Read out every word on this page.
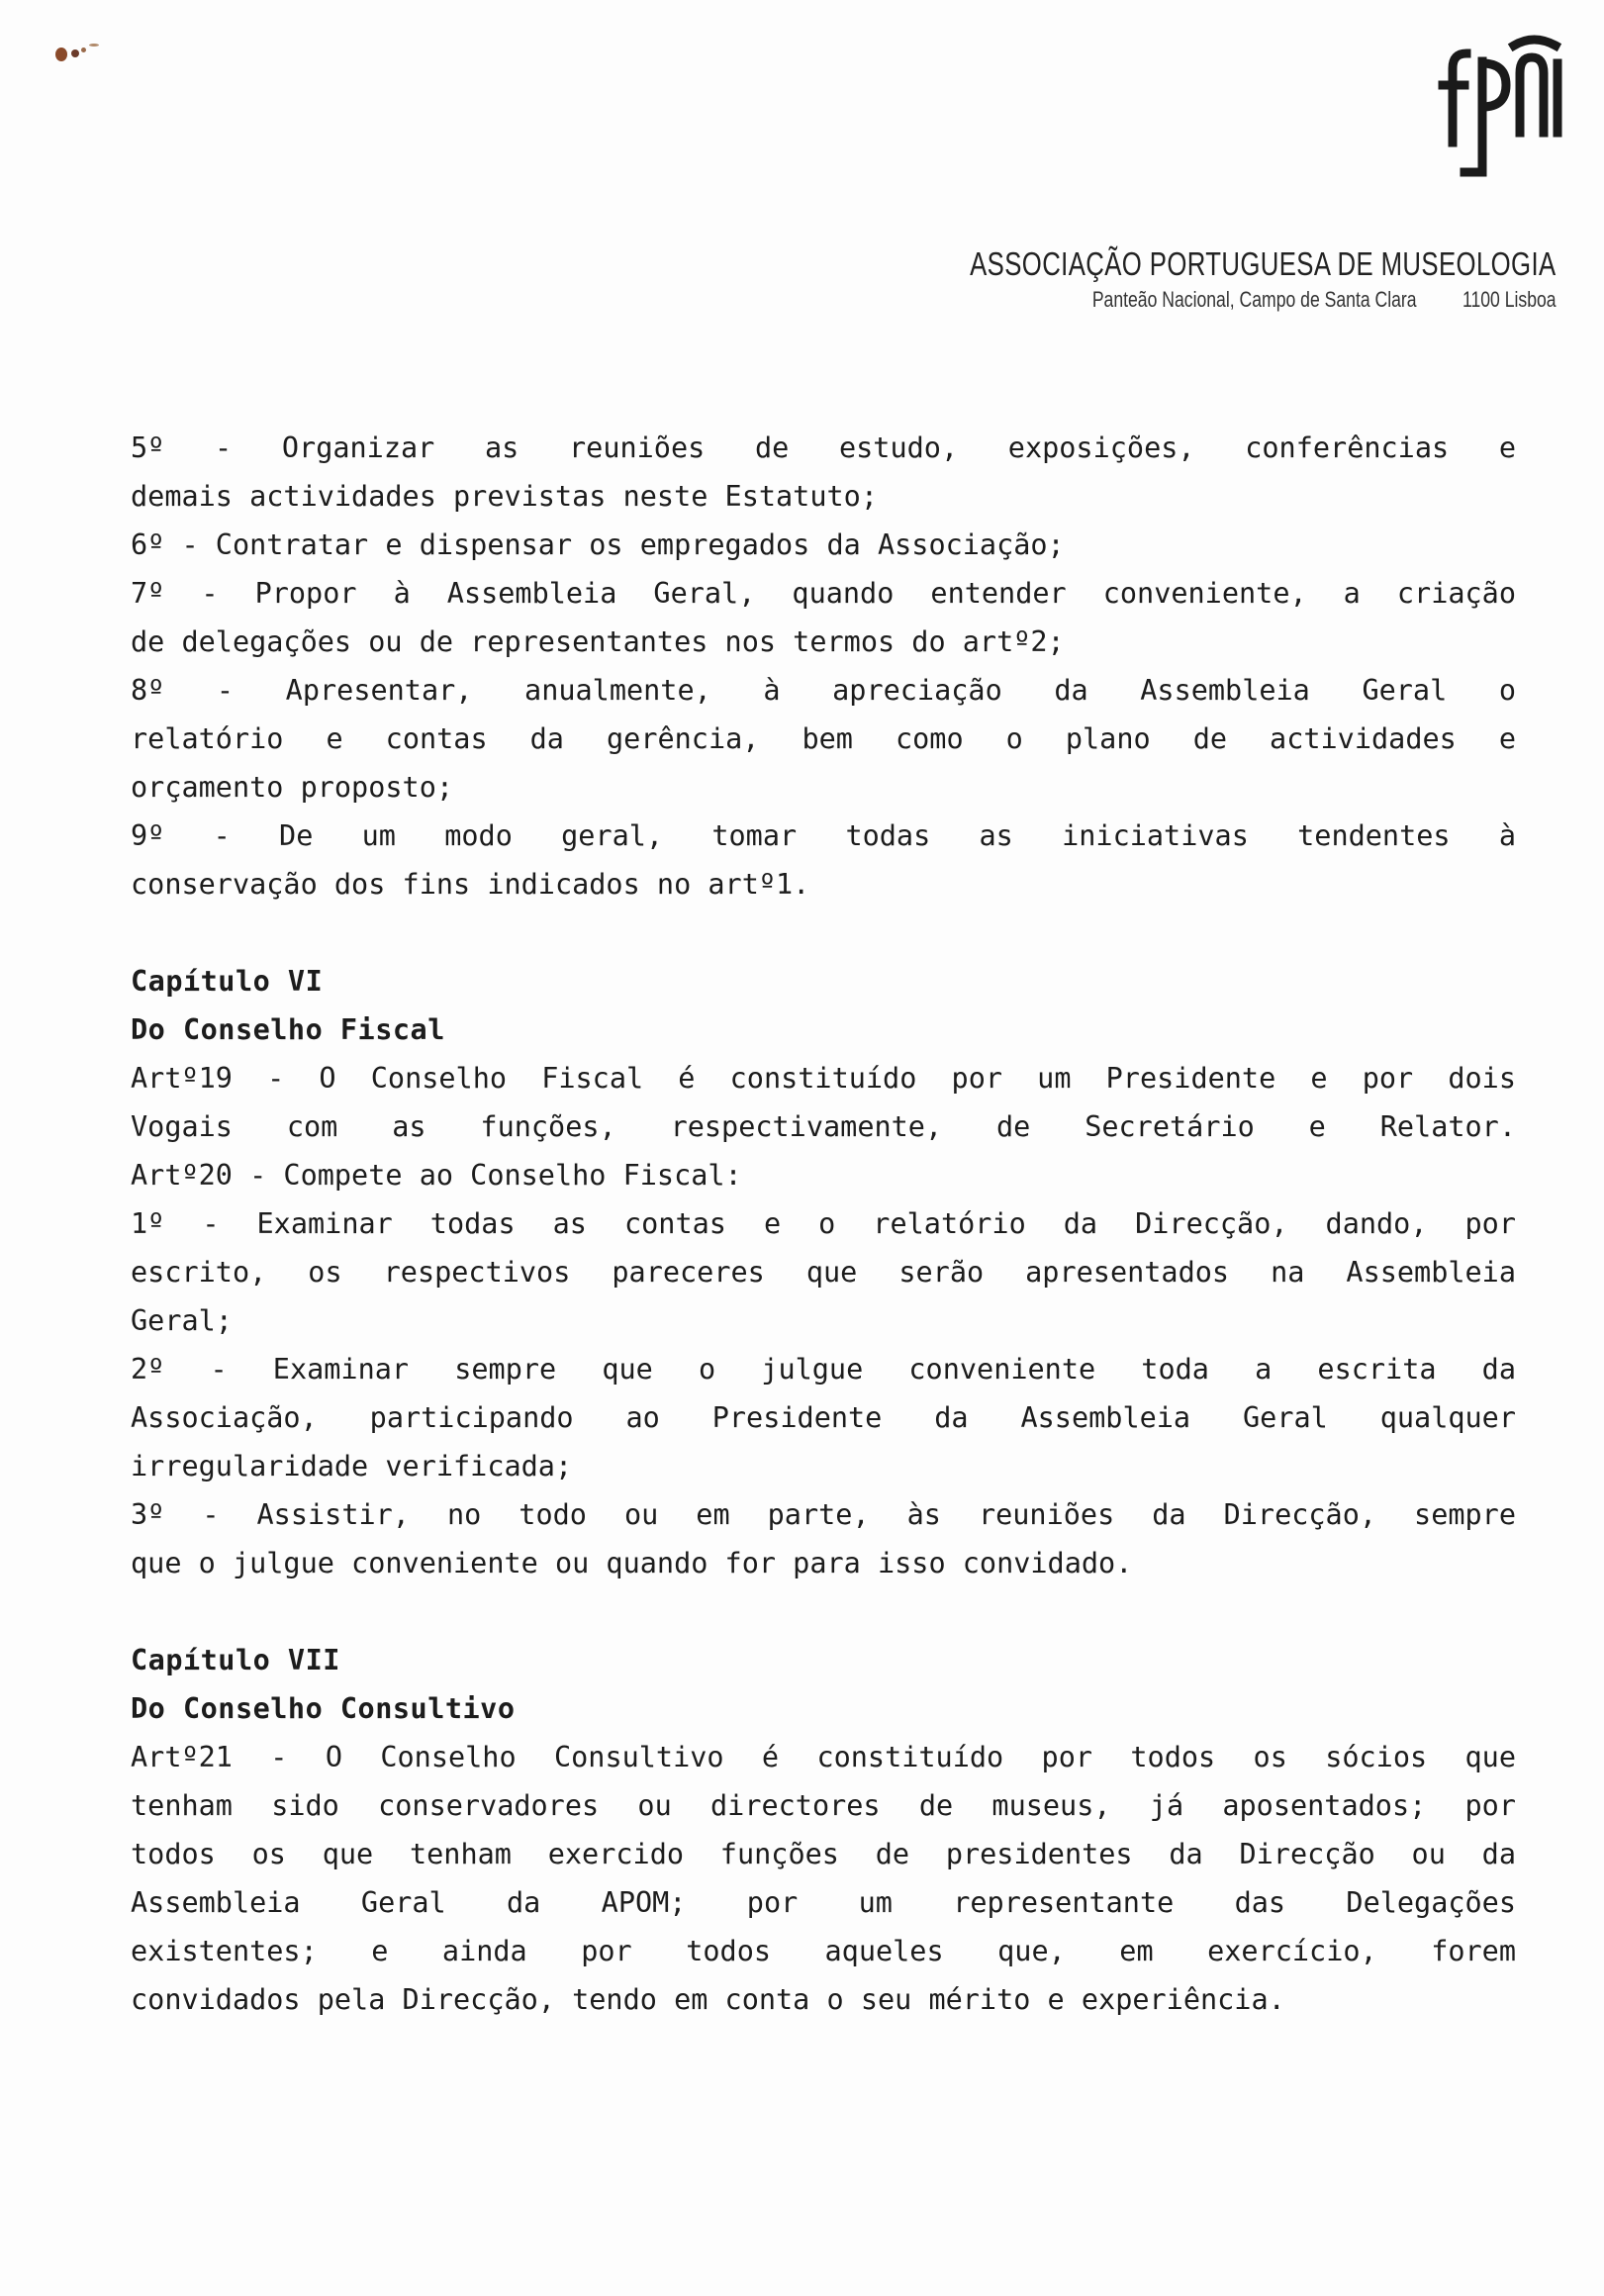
ASSOCIAÇÃO PORTUGUESA DE MUSEOLOGIA
Panteão Nacional, Campo de Santa Clara 1100 Lisboa
5º - Organizar as reuniões de estudo, exposições, conferências e
demais actividades previstas neste Estatuto;
6º - Contratar e dispensar os empregados da Associação;
7º - Propor à Assembleia Geral, quando entender conveniente, a criação
de delegações ou de representantes nos termos do artº2;
8º - Apresentar, anualmente, à apreciação da Assembleia Geral o
relatório e contas da gerência, bem como o plano de actividades e
orçamento proposto;
9º - De um modo geral, tomar todas as iniciativas tendentes à
conservação dos fins indicados no artº1.
Capítulo VI
Do Conselho Fiscal
Artº19 - O Conselho Fiscal é constituído por um Presidente e por dois
Vogais com as funções, respectivamente, de Secretário e Relator.
Artº20 - Compete ao Conselho Fiscal:
1º - Examinar todas as contas e o relatório da Direcção, dando, por
escrito, os respectivos pareceres que serão apresentados na Assembleia
Geral;
2º - Examinar sempre que o julgue conveniente toda a escrita da
Associação, participando ao Presidente da Assembleia Geral qualquer
irregularidade verificada;
3º - Assistir, no todo ou em parte, às reuniões da Direcção, sempre
que o julgue conveniente ou quando for para isso convidado.
Capítulo VII
Do Conselho Consultivo
Artº21 - O Conselho Consultivo é constituído por todos os sócios que
tenham sido conservadores ou directores de museus, já aposentados; por
todos os que tenham exercido funções de presidentes da Direcção ou da
Assembleia Geral da APOM; por um representante das Delegações
existentes; e ainda por todos aqueles que, em exercício, forem
convidados pela Direcção, tendo em conta o seu mérito e experiência.
